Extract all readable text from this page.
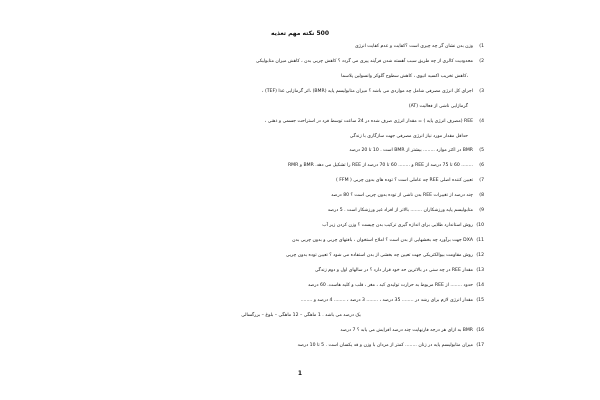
500 نکته مهم تغذیه
1)وزن بدن نشان گر چه چیزی است ؟کفایت و عدم کفایت انرژی
2)محدودیت کالری از چه طریق سبب آهسته شدن فرآیند پیری می گردد ؟ کاهش چربی بدن ، کاهش میزان متابولیکی
،کاهش تخریب اکسید اتیوی ، کاهش سطوح گلوکز وانسولین پلاسما
3)اجزای کل انرژی مصرفی شامل چه مواردی می باشد ؟ میزان متابولیسم پایه (BMR) ،اثر گرمازایی غذا (TEF) ،
گرمازایی ناشی از فعالیت (AT)
4)REE (مصرف انرژی پایه ) = مقدار انرژی صرف شده در 24 ساعت توسط فرد در استراحت جسمی و ذهنی ،
حداقل مقدار مورد نیاز انرژی مصرفی جهت سازگاری با زندگی
5)BMR در اکثر موارد ........ بیشتر از BMR است . 10 تا 20 درصد
6)........ 60 تا 75 درصد از REE و ........ 60 تا 70 درصد از REE را تشکیل می دهد. BMR و RMR
7)تعیین کننده اصلی REE چه عاملی است ؟ توده های بدون چربی ( FFM )
8)چند درصد از تغییرات REE بدن ناشی از توده بدون چربی است ؟ 80 درصد
9)متابولیسم پایه ورزشکاران ........ بالاتر از افراد غیر ورزشکار است . 5 درصد
10)روش استاندارد طلایی برای اندازه گیری ترکیب بدن چیست ؟ وزن کردن زیر آب
11)DXA جهت برآورد چه بخشهایی از بدن است ؟ املاح استخوان ، بافتهای چربی و بدون چربی بدن
12)روش مقاومت بیوالکتریکی جهت تعیین چه بخشی از بدن استفاده می شود ؟ تعیین توده بدون چربی
13)مقدار REE در چه سنی در بالاترین حد خود قرار دارد ؟ در سالهای اول و دوم زندگی
14)حدود ........ از REE مربوط به حرارت تولیدی کبد ، مغز ، قلب و کلیه هاست. 60 درصد
15)مقدار انرژی لازم برای رشد در ........ 35 درصد ، ........ 3 درصد ، ........ 4 درصد و ........
یک درصد می باشد . 1 ماهگی – 12 ماهگی – بلوغ – بزرگسالی
16)BMR به ازای هر درجه فارنهایت چند درصد افزایش می یابد ؟ 7 درصد
17)میزان متابولیسم پایه در زنان ........ کمتر از مردان با وزن و قد یکسان است . 5 تا 10 درصد
1
